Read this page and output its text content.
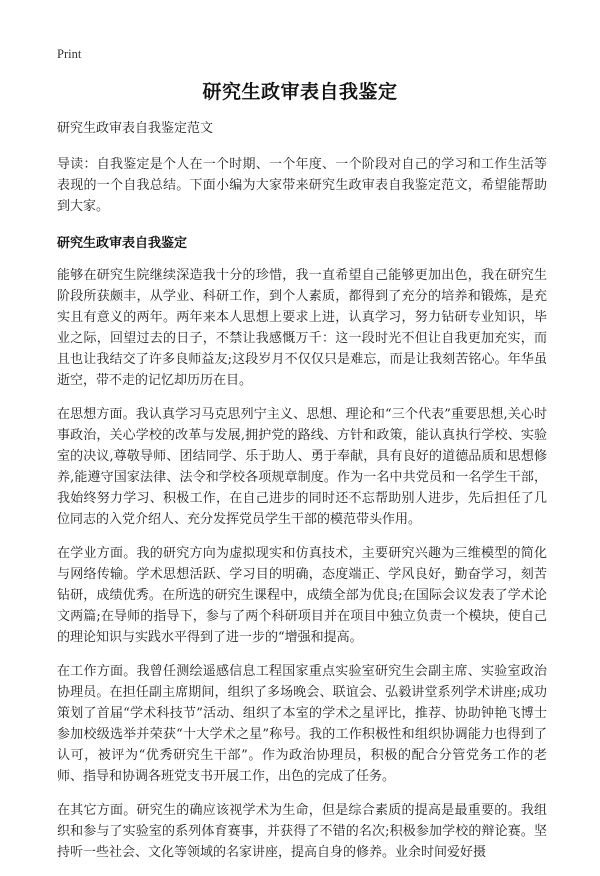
Print
研究生政审表自我鉴定

研究生政审表自我鉴定范文

导读：自我鉴定是个人在一个时期、一个年度、一个阶段对自己的学习和工作生活等表现的一个自我总结。下面小编为大家带来研究生政审表自我鉴定范文，希望能帮助到大家。

研究生政审表自我鉴定

能够在研究生院继续深造我十分的珍惜，我一直希望自己能够更加出色，我在研究生阶段所获颇丰，从学业、科研工作，到个人素质，都得到了充分的培养和锻炼，是充实且有意义的两年。两年来本人思想上要求上进，认真学习，努力钻研专业知识，毕业之际，回望过去的日子，不禁让我感慨万千：这一段时光不但让自我更加充实，而且也让我结交了许多良师益友;这段岁月不仅仅只是难忘，而是让我刻苦铭心。年华虽逝空，带不走的记忆却历历在目。

在思想方面。我认真学习马克思列宁主义、思想、理论和“三个代表”重要思想,关心时事政治，关心学校的改革与发展,拥护党的路线、方针和政策，能认真执行学校、实验室的决议,尊敬导师、团结同学、乐于助人、勇于奉献，具有良好的道德品质和思想修养,能遵守国家法律、法令和学校各项规章制度。作为一名中共党员和一名学生干部，我始终努力学习、积极工作，在自己进步的同时还不忘帮助别人进步，先后担任了几位同志的入党介绍人、充分发挥党员学生干部的模范带头作用。

在学业方面。我的研究方向为虚拟现实和仿真技术，主要研究兴趣为三维模型的简化与网络传输。学术思想活跃、学习目的明确，态度端正、学风良好，勤奋学习，刻苦钻研，成绩优秀。在所选的研究生课程中，成绩全部为优良;在国际会议发表了学术论文两篇;在导师的指导下，参与了两个科研项目并在项目中独立负责一个模块，使自己的理论知识与实践水平得到了进一步的“增强和提高。

在工作方面。我曾任测绘遥感信息工程国家重点实验室研究生会副主席、实验室政治协理员。在担任副主席期间，组织了多场晚会、联谊会、弘毅讲堂系列学术讲座;成功策划了首届“学术科技节”活动、组织了本室的学术之星评比，推荐、协助钟艳飞博士参加校级选举并荣获“十大学术之星”称号。我的工作积极性和组织协调能力也得到了认可，被评为“优秀研究生干部”。作为政治协理员，积极的配合分管党务工作的老师、指导和协调各班党支书开展工作，出色的完成了任务。

在其它方面。研究生的确应该视学术为生命，但是综合素质的提高是最重要的。我组织和参与了实验室的系列体育赛事，并获得了不错的名次;积极参加学校的辩论赛。坚持听一些社会、文化等领域的名家讲座，提高自身的修养。业余时间爱好摄
